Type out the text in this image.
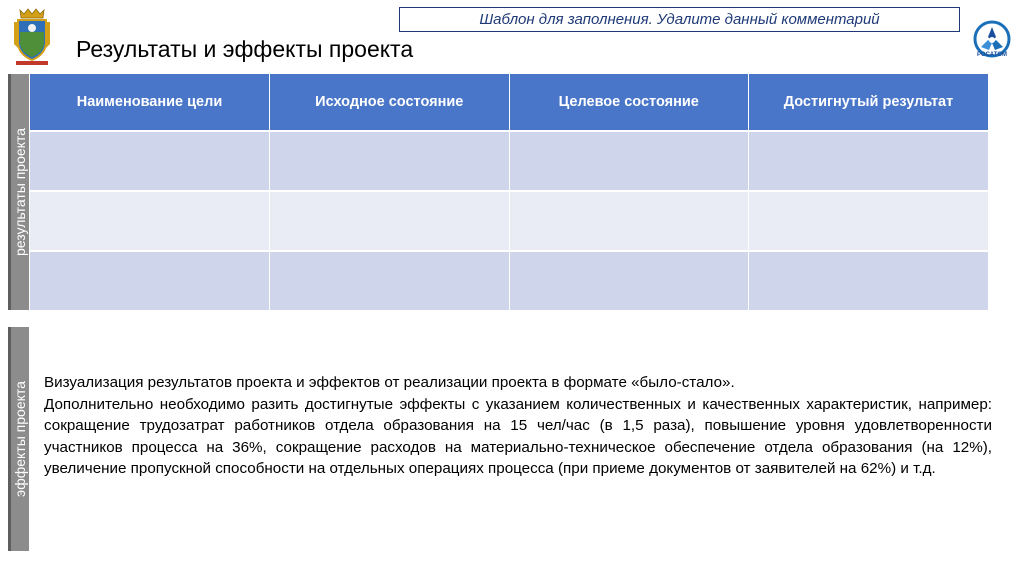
РОСАТОМ
Шаблон для заполнения. Удалите данный комментарий
Результаты и эффекты проекта
результаты проекта
Наименование цели	Исходное состояние	Целевое состояние	Достигнутый результат

эффекты проекта Визуализация результатов проекта и эффектов от реализации проекта в формате «было-стало».

Дополнительно необходимо разить достигнутые эффекты с указанием количественных и качественных характеристик, например: сокращение трудозатрат работников отдела образования на 15 чел/час (в 1,5 раза), повышение уровня удовлетворенности участников процесса на 36%, сокращение расходов на материально-техническое обеспечение отдела образования (на 12%), увеличение пропускной способности на отдельных операциях процесса (при приеме документов от заявителей на 62%) и т.д.
